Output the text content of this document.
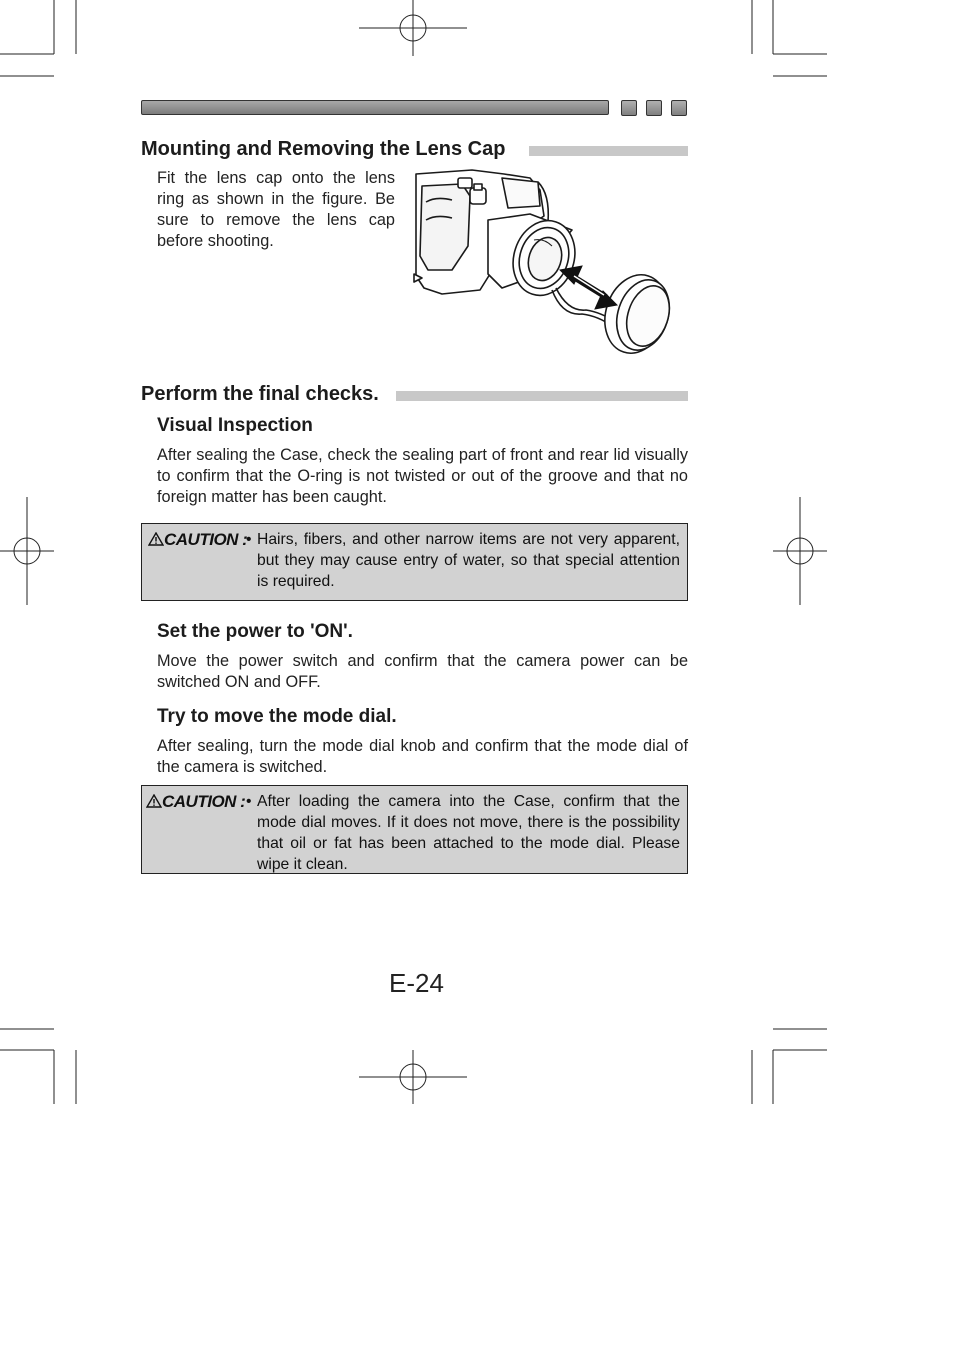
Mounting and Removing the Lens Cap
Fit the lens cap onto the lens ring as shown in the figure. Be sure to remove the lens cap before shooting.
Perform the final checks.
Visual Inspection
After sealing the Case, check the sealing part of front and rear lid visually to confirm that the O-ring is not twisted or out of the groove and that no foreign matter has been caught.
CAUTION :
• Hairs, fibers, and other narrow items are not very apparent, but they may cause entry of water, so that special attention is required.
Set the power to 'ON'.
Move the power switch and confirm that the camera power can be switched ON and OFF.
Try to move the mode dial.
After sealing, turn the mode dial knob and confirm that the mode dial of the camera is switched.
CAUTION : • After loading the camera into the Case, confirm that the mode dial moves. If it does not move, there is the possibility that oil or fat has been attached to the mode dial. Please wipe it clean.
E-24
